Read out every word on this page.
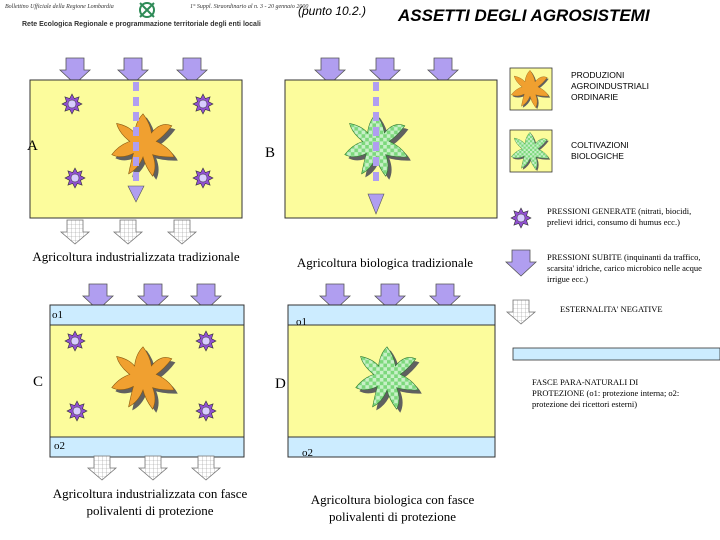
Bollettino Ufficiale della Regione Lombardia	1° Suppl. Straordinario al n. 3 - 20 gennaio 2000
Rete Ecologica Regionale e programmazione territoriale degli enti locali
(punto 10.2.) ASSETTI DEGLI AGROSISTEMI
A	B
C	D
o1
o2
o1
o2
Agricoltura industrializzata tradizionale	Agricoltura biologica tradizionale
Agricoltura industrializzata con fasce polivalenti di protezione
Agricoltura biologica con fasce polivalenti di protezione
PRODUZIONI AGROINDUSTRIALI ORDINARIE
COLTIVAZIONI BIOLOGICHE
PRESSIONI GENERATE (nitrati, biocidi, prelievi idrici, consumo di humus ecc.)
PRESSIONI SUBITE (inquinanti da traffico, scarsita' idriche, carico microbico nelle acque irrigue ecc.)
ESTERNALITA' NEGATIVE
FASCE PARA-NATURALI DI PROTEZIONE (o1: protezione interna; o2: protezione dei ricettori esterni)
